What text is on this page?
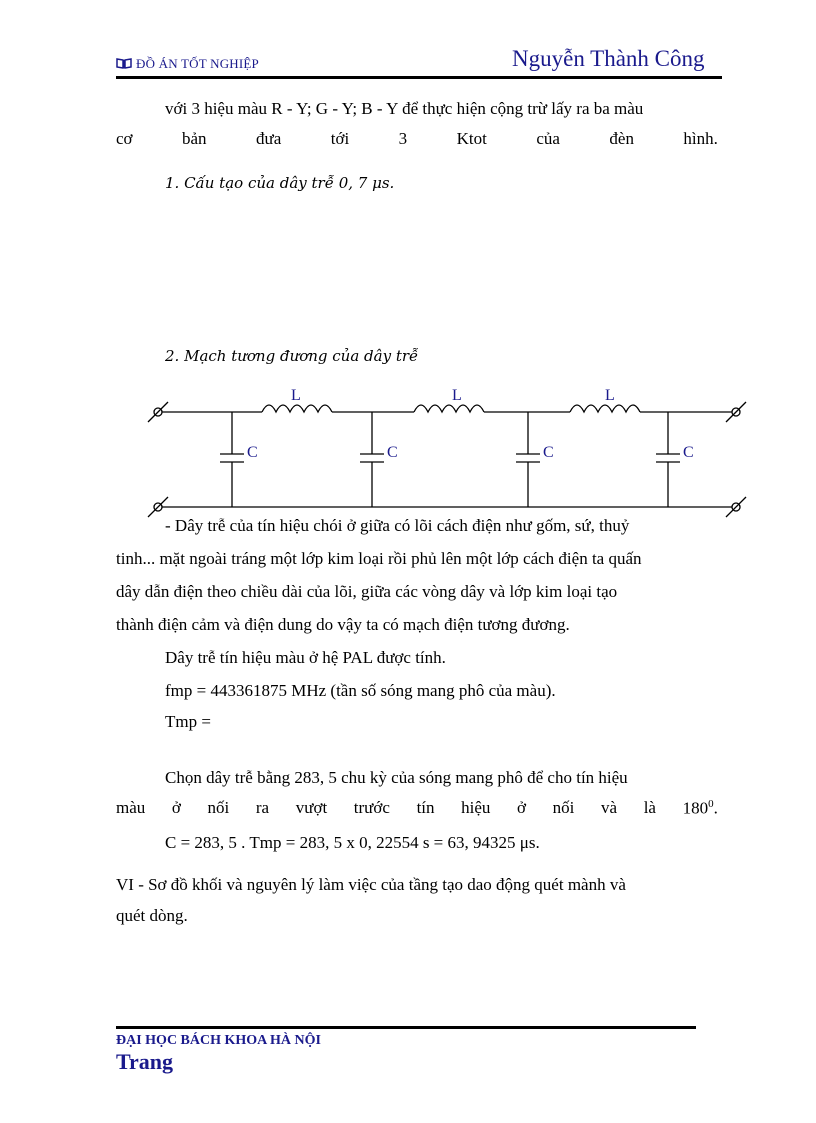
ĐỒ ÁN TỐT NGHIỆP	Nguyễn Thành Công
với 3 hiệu màu R - Y; G - Y; B - Y để thực hiện cộng trừ lấy ra ba màu
cơ	bản	đưa	tới	3	Ktot	của	đèn	hình.
1. Cấu tạo của dây trễ 0, 7 μs.
2. Mạch tương đương của dây trễ
L	L	L
C	C	C	C
- Dây trễ của tín hiệu chói ở giữa có lõi cách điện như gốm, sứ, thuỷ
tinh... mặt ngoài tráng một lớp kim loại rồi phủ lên một lớp cách điện ta quấn
dây dẫn điện theo chiều dài của lõi, giữa các vòng dây và lớp kim loại tạo
thành điện cảm và điện dung do vậy ta có mạch điện tương đương.
Dây trễ tín hiệu màu ở hệ PAL được tính.
fmp = 443361875 MHz (tần số sóng mang phô của màu).
Tmp =
Chọn dây trễ bằng 283, 5 chu kỳ của sóng mang phô để cho tín hiệu
màu ở nối ra vượt trước tín hiệu ở nối và là $180^0$.
C = 283, 5 . Tmp = 283, 5 x 0, 22554 s = 63, 94325 μs.
VI - Sơ đồ khối và nguyên lý làm việc của tầng tạo dao động quét mành và
quét dòng.
ĐẠI HỌC BÁCH KHOA HÀ NỘI
Trang
